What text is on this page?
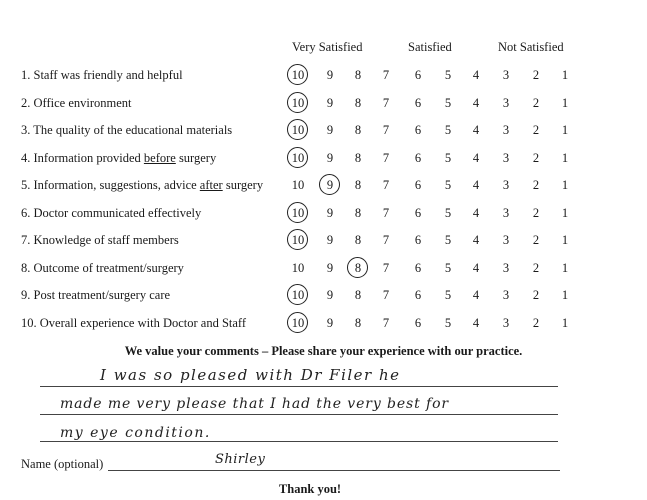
Very Satisfied	Satisfied	Not Satisfied
1. Staff was friendly and helpful	10	9	8	7	6	5	4	3	2	1
2. Office environment	10	9	8	7	6	5	4	3	2	1
3. The quality of the educational materials	10	9	8	7	6	5	4	3	2	1
4. Information provided before surgery	10	9	8	7	6	5	4	3	2	1
5. Information, suggestions, advice after surgery	10	9	8	7	6	5	4	3	2	1
6. Doctor communicated effectively	10	9	8	7	6	5	4	3	2	1
7. Knowledge of staff members	10	9	8	7	6	5	4	3	2	1
8. Outcome of treatment/surgery	10	9	8	7	6	5	4	3	2	1
9. Post treatment/surgery care	10	9	8	7	6	5	4	3	2	1
10. Overall experience with Doctor and Staff	10	9	8	7	6	5	4	3	2	1
We value your comments – Please share your experience with our practice.
I was so pleased with Dr Filer he
made me very please that I had the very best for
my eye condition.
Name (optional)	Shirley
Thank you!
